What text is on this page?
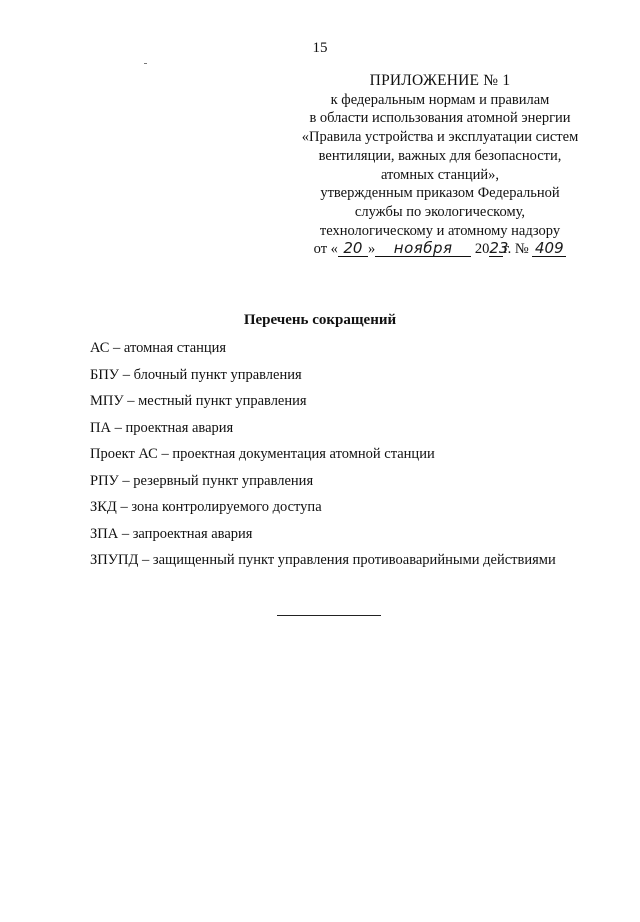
15
ПРИЛОЖЕНИЕ № 1
к федеральным нормам и правилам
в области использования атомной энергии
«Правила устройства и эксплуатации систем
вентиляции, важных для безопасности,
атомных станций»,
утвержденным приказом Федеральной
службы по экологическому,
технологическому и атомному надзору
от « 20 » ноября 2023г. № 409
Перечень сокращений
АС – атомная станция
БПУ – блочный пункт управления
МПУ – местный пункт управления
ПА – проектная авария
Проект АС – проектная документация атомной станции
РПУ – резервный пункт управления
ЗКД – зона контролируемого доступа
ЗПА – запроектная авария
ЗПУПД – защищенный пункт управления противоаварийными действиями
